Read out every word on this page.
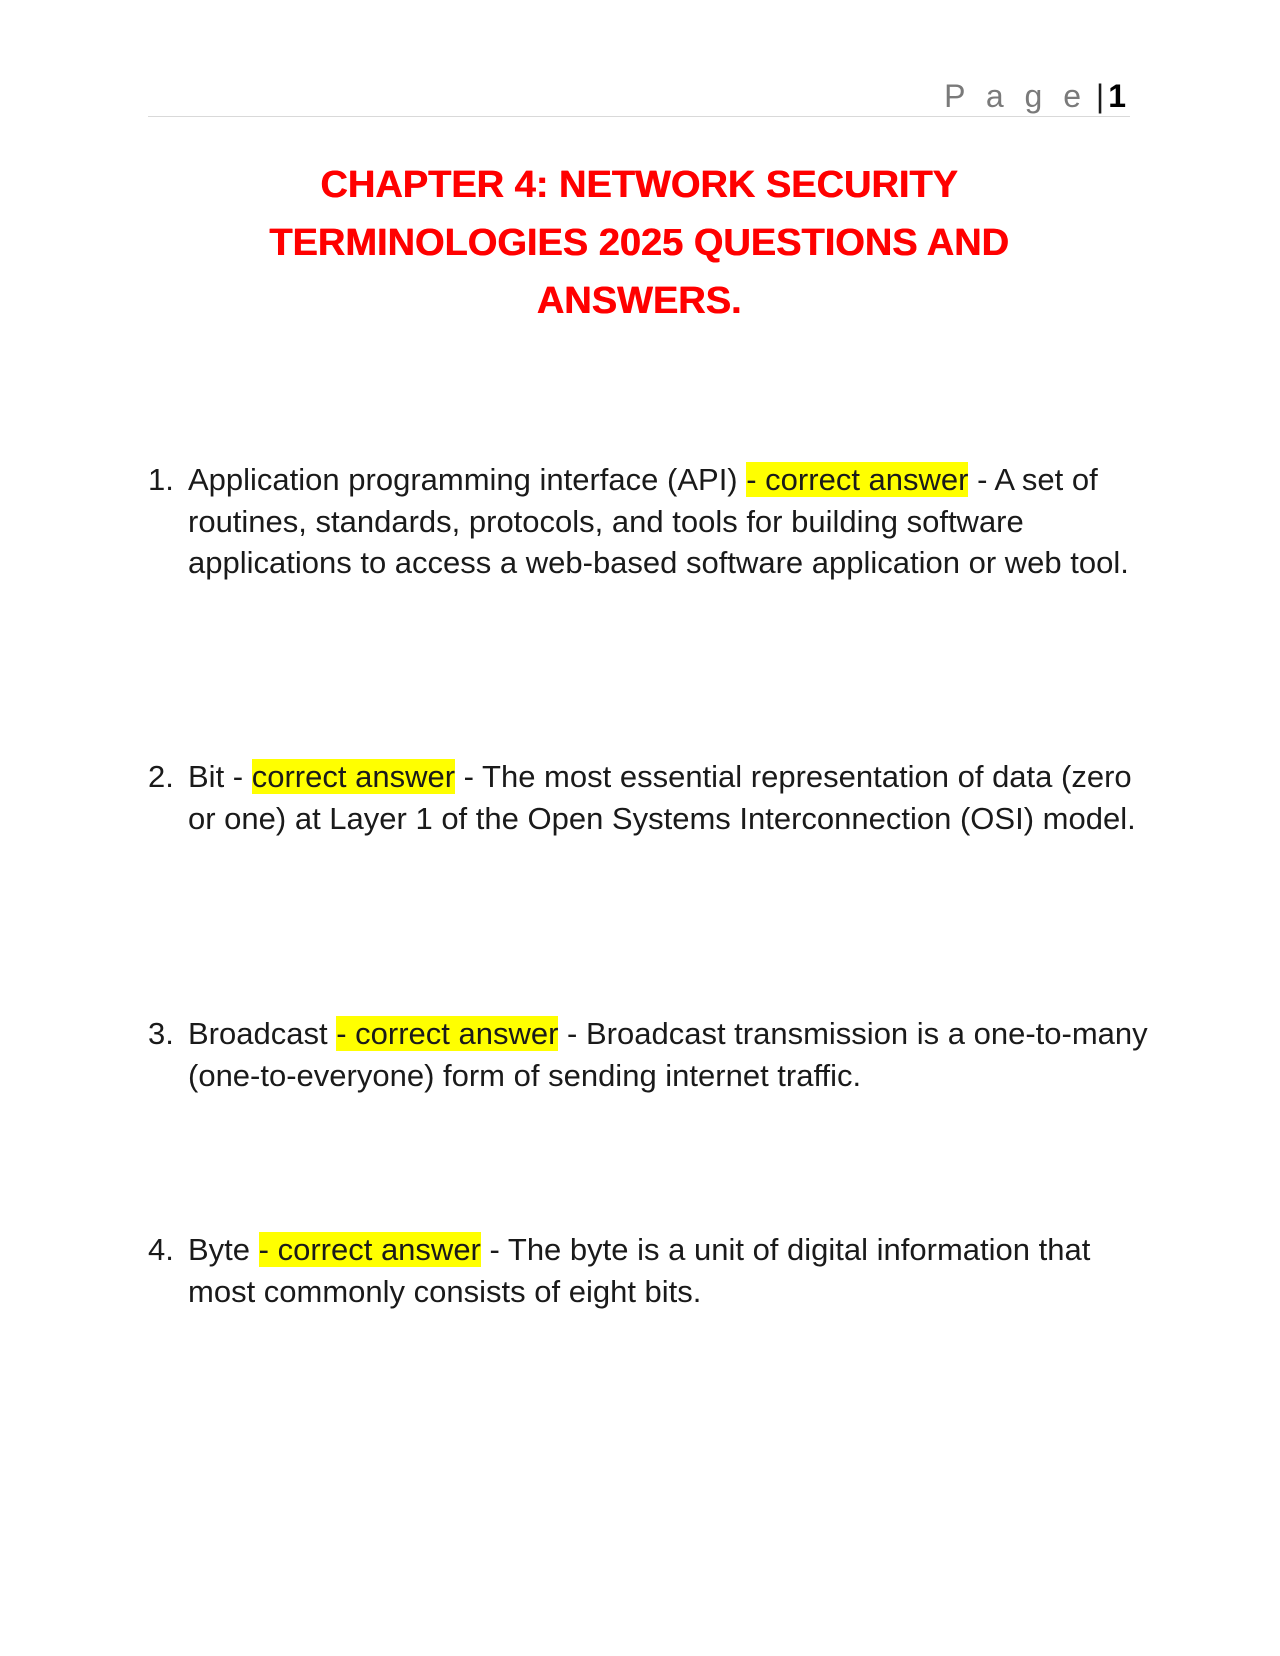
P a g e | 1
CHAPTER 4: NETWORK SECURITY
TERMINOLOGIES 2025 QUESTIONS AND
ANSWERS.

1. Application programming interface (API) - correct answer - A set of routines, standards, protocols, and tools for building software applications to access a web-based software application or web tool.

2. Bit - correct answer - The most essential representation of data (zero or one) at Layer 1 of the Open Systems Interconnection (OSI) model.

3. Broadcast - correct answer - Broadcast transmission is a one-to-many (one-to-everyone) form of sending internet traffic.

4. Byte - correct answer - The byte is a unit of digital information that most commonly consists of eight bits.
